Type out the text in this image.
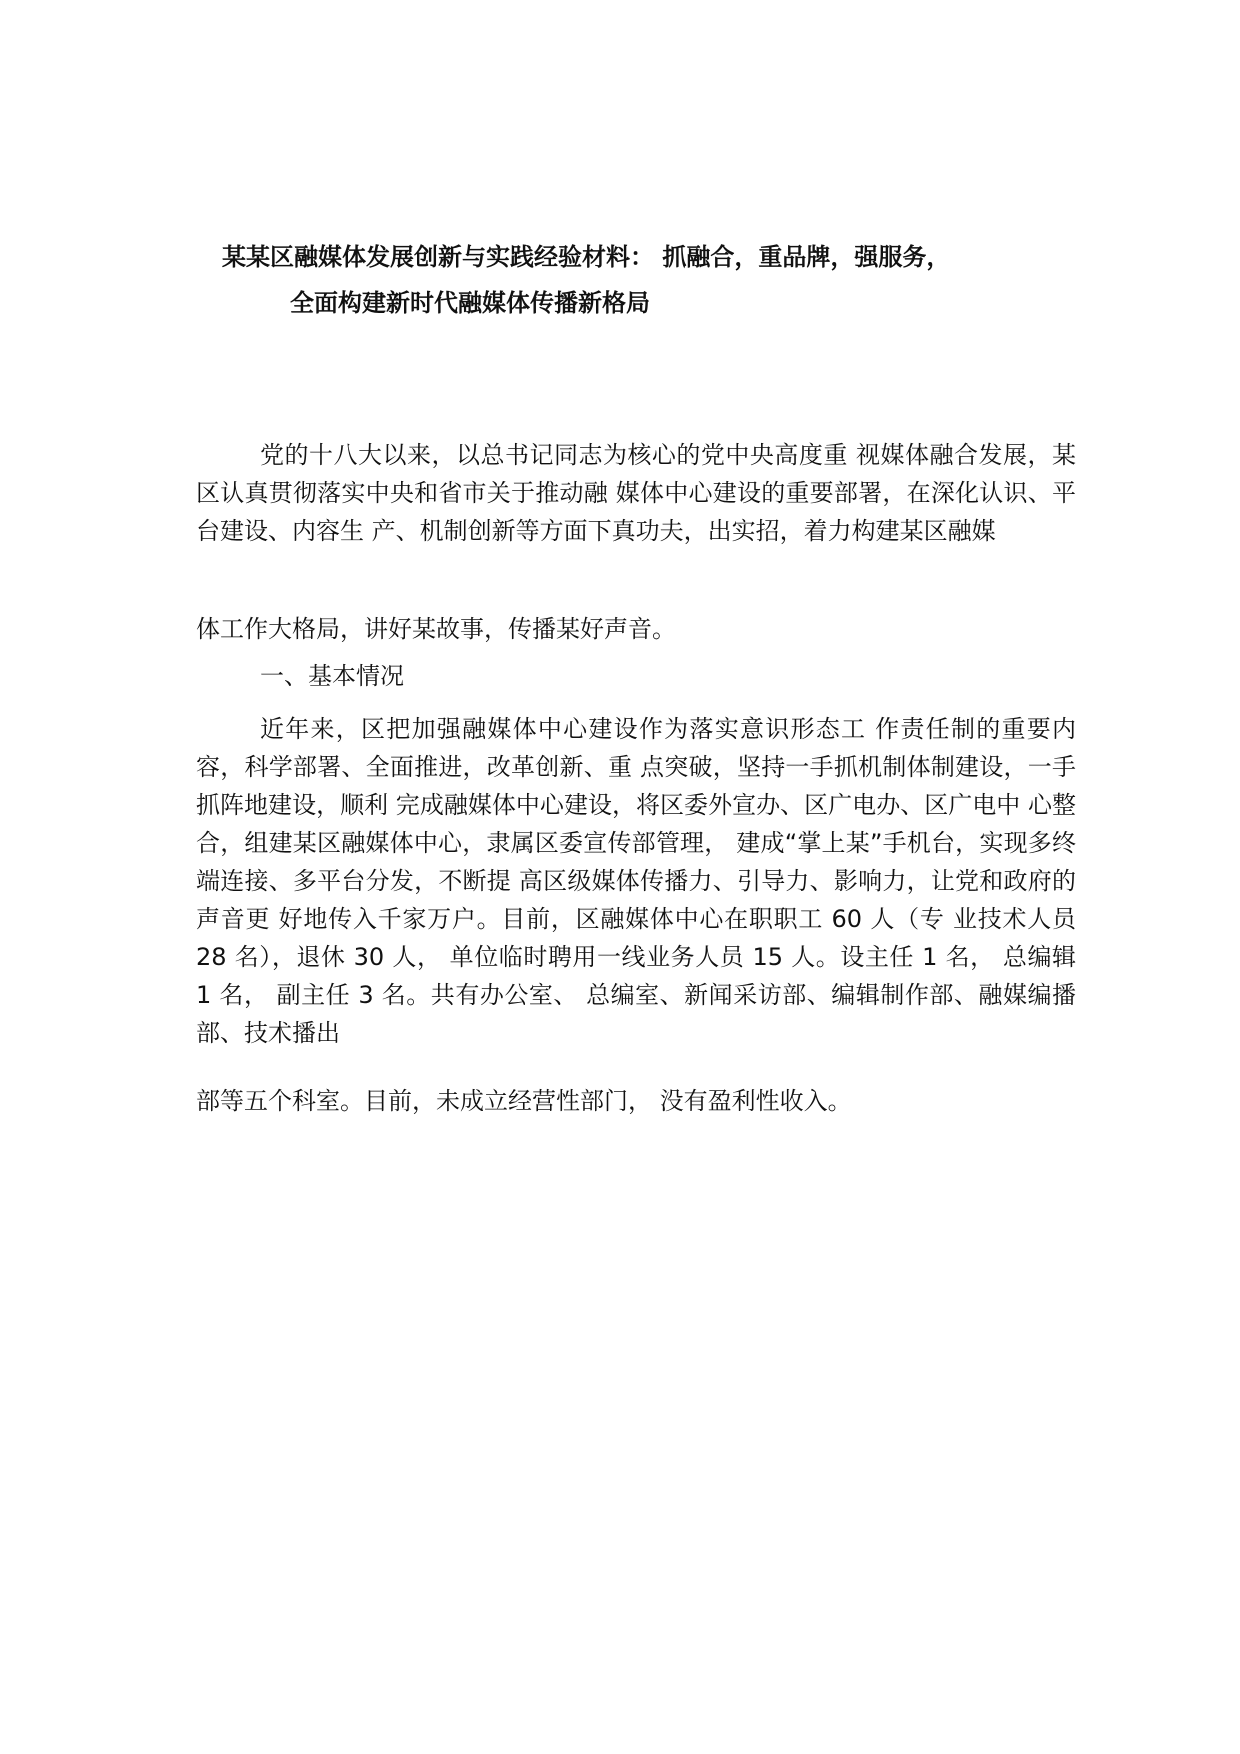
某某区融媒体发展创新与实践经验材料： 抓融合，重品牌，强服务，
全面构建新时代融媒体传播新格局
党的十八大以来，以总书记同志为核心的党中央高度重 视媒体融合发展，某区认真贯彻落实中央和省市关于推动融 媒体中心建设的重要部署，在深化认识、平台建设、内容生 产、机制创新等方面下真功夫，出实招，着力构建某区融媒
体工作大格局，讲好某故事，传播某好声音。
一、基本情况
近年来，区把加强融媒体中心建设作为落实意识形态工 作责任制的重要内容，科学部署、全面推进，改革创新、重 点突破，坚持一手抓机制体制建设，一手抓阵地建设，顺利 完成融媒体中心建设，将区委外宣办、区广电办、区广电中 心整合，组建某区融媒体中心，隶属区委宣传部管理， 建成“掌上某”手机台，实现多终端连接、多平台分发，不断提 高区级媒体传播力、引导力、影响力，让党和政府的声音更 好地传入千家万户。目前，区融媒体中心在职职工 60 人（专 业技术人员 28 名），退休 30 人， 单位临时聘用一线业务人员 15 人。设主任 1 名， 总编辑 1 名， 副主任 3 名。共有办公室、 总编室、新闻采访部、编辑制作部、融媒编播部、技术播出
部等五个科室。目前，未成立经营性部门， 没有盈利性收入。
